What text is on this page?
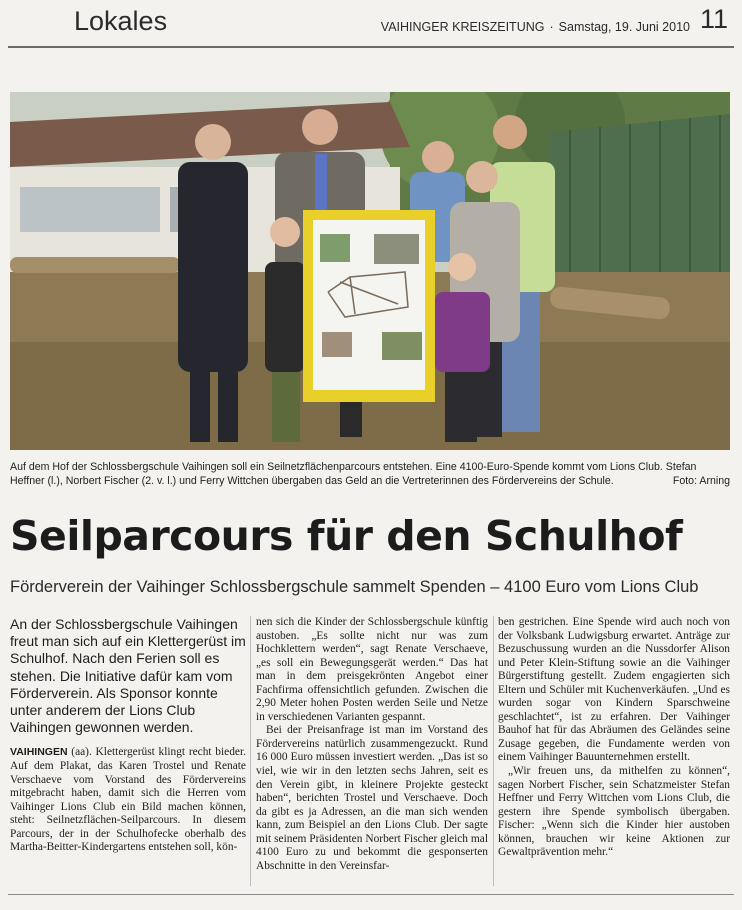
Lokales	VAIHINGER KREISZEITUNG · Samstag, 19. Juni 2010 11
Auf dem Hof der Schlossbergschule Vaihingen soll ein Seilnetzflächenparcours entstehen. Eine 4100-Euro-Spende kommt vom Lions Club. Stefan Heffner (l.), Norbert Fischer (2. v. l.) und Ferry Wittchen übergaben das Geld an die Vertreterinnen des Fördervereins der Schule.	Foto: Arning
Seilparcours für den Schulhof
Förderverein der Vaihinger Schlossbergschule sammelt Spenden – 4100 Euro vom Lions Club

An der Schlossbergschule Vaihingen freut man sich auf ein Klettergerüst im Schulhof. Nach den Ferien soll es stehen. Die Initiative dafür kam vom Förderverein. Als Sponsor konnte unter anderem der Lions Club Vaihingen gewonnen werden.

VAIHINGEN (aa). Klettergerüst klingt recht bieder. Auf dem Plakat, das Karen Trostel und Renate Verschaeve vom Vorstand des Fördervereins mitgebracht haben, damit sich die Herren vom Vaihinger Lions Club ein Bild machen können, steht: Seilnetzflächen-Seilparcours. In diesem Parcours, der in der Schulhofecke oberhalb des Martha-Beitter-Kindergartens entstehen soll, kön-

nen sich die Kinder der Schlossbergschule künftig austoben. „Es sollte nicht nur was zum Hochklettern werden“, sagt Renate Verschaeve, „es soll ein Bewegungsgerät werden.“ Das hat man in dem preisgekrönten Angebot einer Fachfirma offensichtlich gefunden. Zwischen die 2,90 Meter hohen Posten werden Seile und Netze in verschiedenen Varianten gespannt.

Bei der Preisanfrage ist man im Vorstand des Fördervereins natürlich zusammengezuckt. Rund 16 000 Euro müssen investiert werden. „Das ist so viel, wie wir in den letzten sechs Jahren, seit es den Verein gibt, in kleinere Projekte gesteckt haben“, berichten Trostel und Verschaeve. Doch da gibt es ja Adressen, an die man sich wenden kann, zum Beispiel an den Lions Club. Der sagte mit seinem Präsidenten Norbert Fischer gleich mal 4100 Euro zu und bekommt die gesponserten Abschnitte in den Vereinsfar-

ben gestrichen. Eine Spende wird auch noch von der Volksbank Ludwigsburg erwartet. Anträge zur Bezuschussung wurden an die Nussdorfer Alison und Peter Klein-Stiftung sowie an die Vaihinger Bürgerstiftung gestellt. Zudem engagierten sich Eltern und Schüler mit Kuchenverkäufen. „Und es wurden sogar von Kindern Sparschweine geschlachtet“, ist zu erfahren. Der Vaihinger Bauhof hat für das Abräumen des Geländes seine Zusage gegeben, die Fundamente werden von einem Vaihinger Bauunternehmen erstellt.

„Wir freuen uns, da mithelfen zu können“, sagen Norbert Fischer, sein Schatzmeister Stefan Heffner und Ferry Wittchen vom Lions Club, die gestern ihre Spende symbolisch übergaben. Fischer: „Wenn sich die Kinder hier austoben können, brauchen wir keine Aktionen zur Gewaltprävention mehr.“
